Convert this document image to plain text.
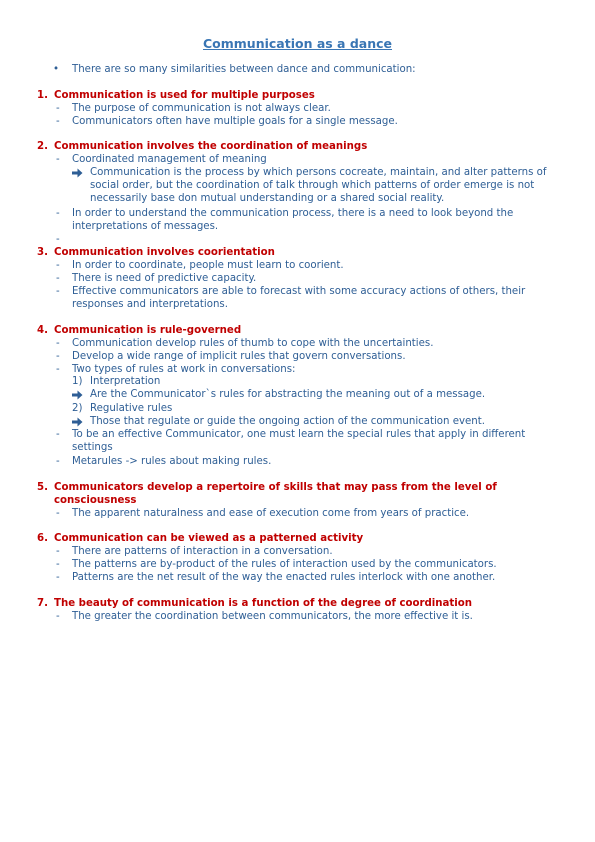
Communication as a dance
• There are so many similarities between dance and communication:
1. Communication is used for multiple purposes
- The purpose of communication is not always clear.
- Communicators often have multiple goals for a single message.
2. Communication involves the coordination of meanings
- Coordinated management of meaning
Communication is the process by which persons cocreate, maintain, and alter patterns of social order, but the coordination of talk through which patterns of order emerge is not necessarily base don mutual understanding or a shared social reality.
- In order to understand the communication process, there is a need to look beyond the interpretations of messages.
-
3. Communication involves coorientation
- In order to coordinate, people must learn to coorient.
- There is need of predictive capacity.
- Effective communicators are able to forecast with some accuracy actions of others, their responses and interpretations.
4. Communication is rule-governed
- Communication develop rules of thumb to cope with the uncertainties.
- Develop a wide range of implicit rules that govern conversations.
- Two types of rules at work in conversations:
1) Interpretation
Are the Communicator`s rules for abstracting the meaning out of a message.
2) Regulative rules
Those that regulate or guide the ongoing action of the communication event.
- To be an effective Communicator, one must learn the special rules that apply in different settings
- Metarules -> rules about making rules.
5. Communicators develop a repertoire of skills that may pass from the level of consciousness
- The apparent naturalness and ease of execution come from years of practice.
6. Communication can be viewed as a patterned activity
- There are patterns of interaction in a conversation.
- The patterns are by-product of the rules of interaction used by the communicators.
- Patterns are the net result of the way the enacted rules interlock with one another.
7. The beauty of communication is a function of the degree of coordination
- The greater the coordination between communicators, the more effective it is.
